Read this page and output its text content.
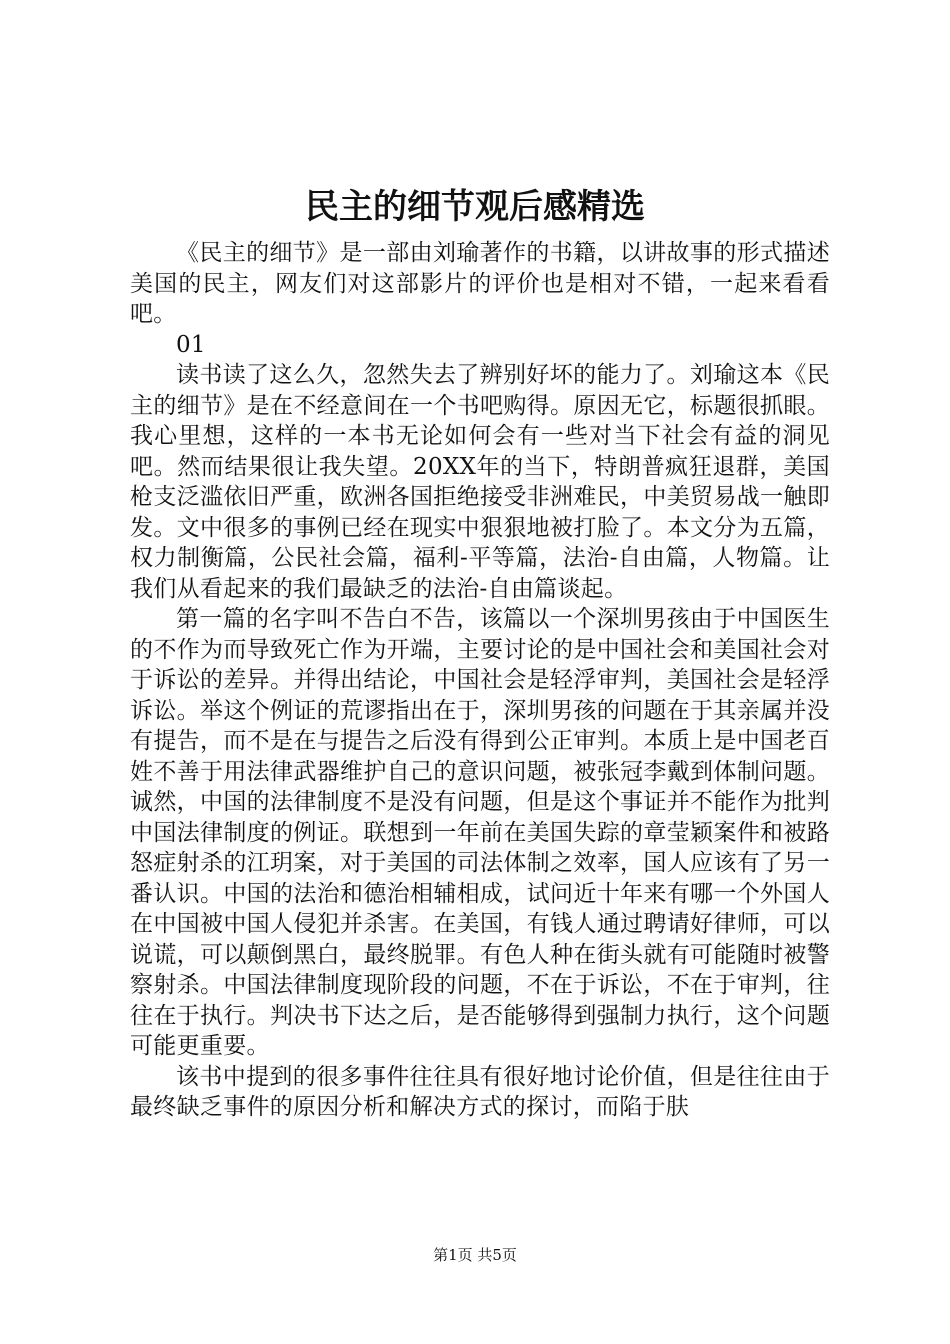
民主的细节观后感精选

《民主的细节》是一部由刘瑜著作的书籍，以讲故事的形式描述美国的民主，网友们对这部影片的评价也是相对不错，一起来看看吧。

01

读书读了这么久，忽然失去了辨别好坏的能力了。刘瑜这本《民主的细节》是在不经意间在一个书吧购得。原因无它，标题很抓眼。我心里想，这样的一本书无论如何会有一些对当下社会有益的洞见吧。然而结果很让我失望。20XX年的当下，特朗普疯狂退群，美国枪支泛滥依旧严重，欧洲各国拒绝接受非洲难民，中美贸易战一触即发。文中很多的事例已经在现实中狠狠地被打脸了。本文分为五篇，权力制衡篇，公民社会篇，福利-平等篇，法治-自由篇，人物篇。让我们从看起来的我们最缺乏的法治-自由篇谈起。

第一篇的名字叫不告白不告，该篇以一个深圳男孩由于中国医生的不作为而导致死亡作为开端，主要讨论的是中国社会和美国社会对于诉讼的差异。并得出结论，中国社会是轻浮审判，美国社会是轻浮诉讼。举这个例证的荒谬指出在于，深圳男孩的问题在于其亲属并没有提告，而不是在与提告之后没有得到公正审判。本质上是中国老百姓不善于用法律武器维护自己的意识问题，被张冠李戴到体制问题。诚然，中国的法律制度不是没有问题，但是这个事证并不能作为批判中国法律制度的例证。联想到一年前在美国失踪的章莹颖案件和被路怒症射杀的江玥案，对于美国的司法体制之效率，国人应该有了另一番认识。中国的法治和德治相辅相成，试问近十年来有哪一个外国人在中国被中国人侵犯并杀害。在美国，有钱人通过聘请好律师，可以说谎，可以颠倒黑白，最终脱罪。有色人种在街头就有可能随时被警察射杀。中国法律制度现阶段的问题，不在于诉讼，不在于审判，往往在于执行。判决书下达之后，是否能够得到强制力执行，这个问题可能更重要。

该书中提到的很多事件往往具有很好地讨论价值，但是往往由于最终缺乏事件的原因分析和解决方式的探讨，而陷于肤

第1页 共5页
